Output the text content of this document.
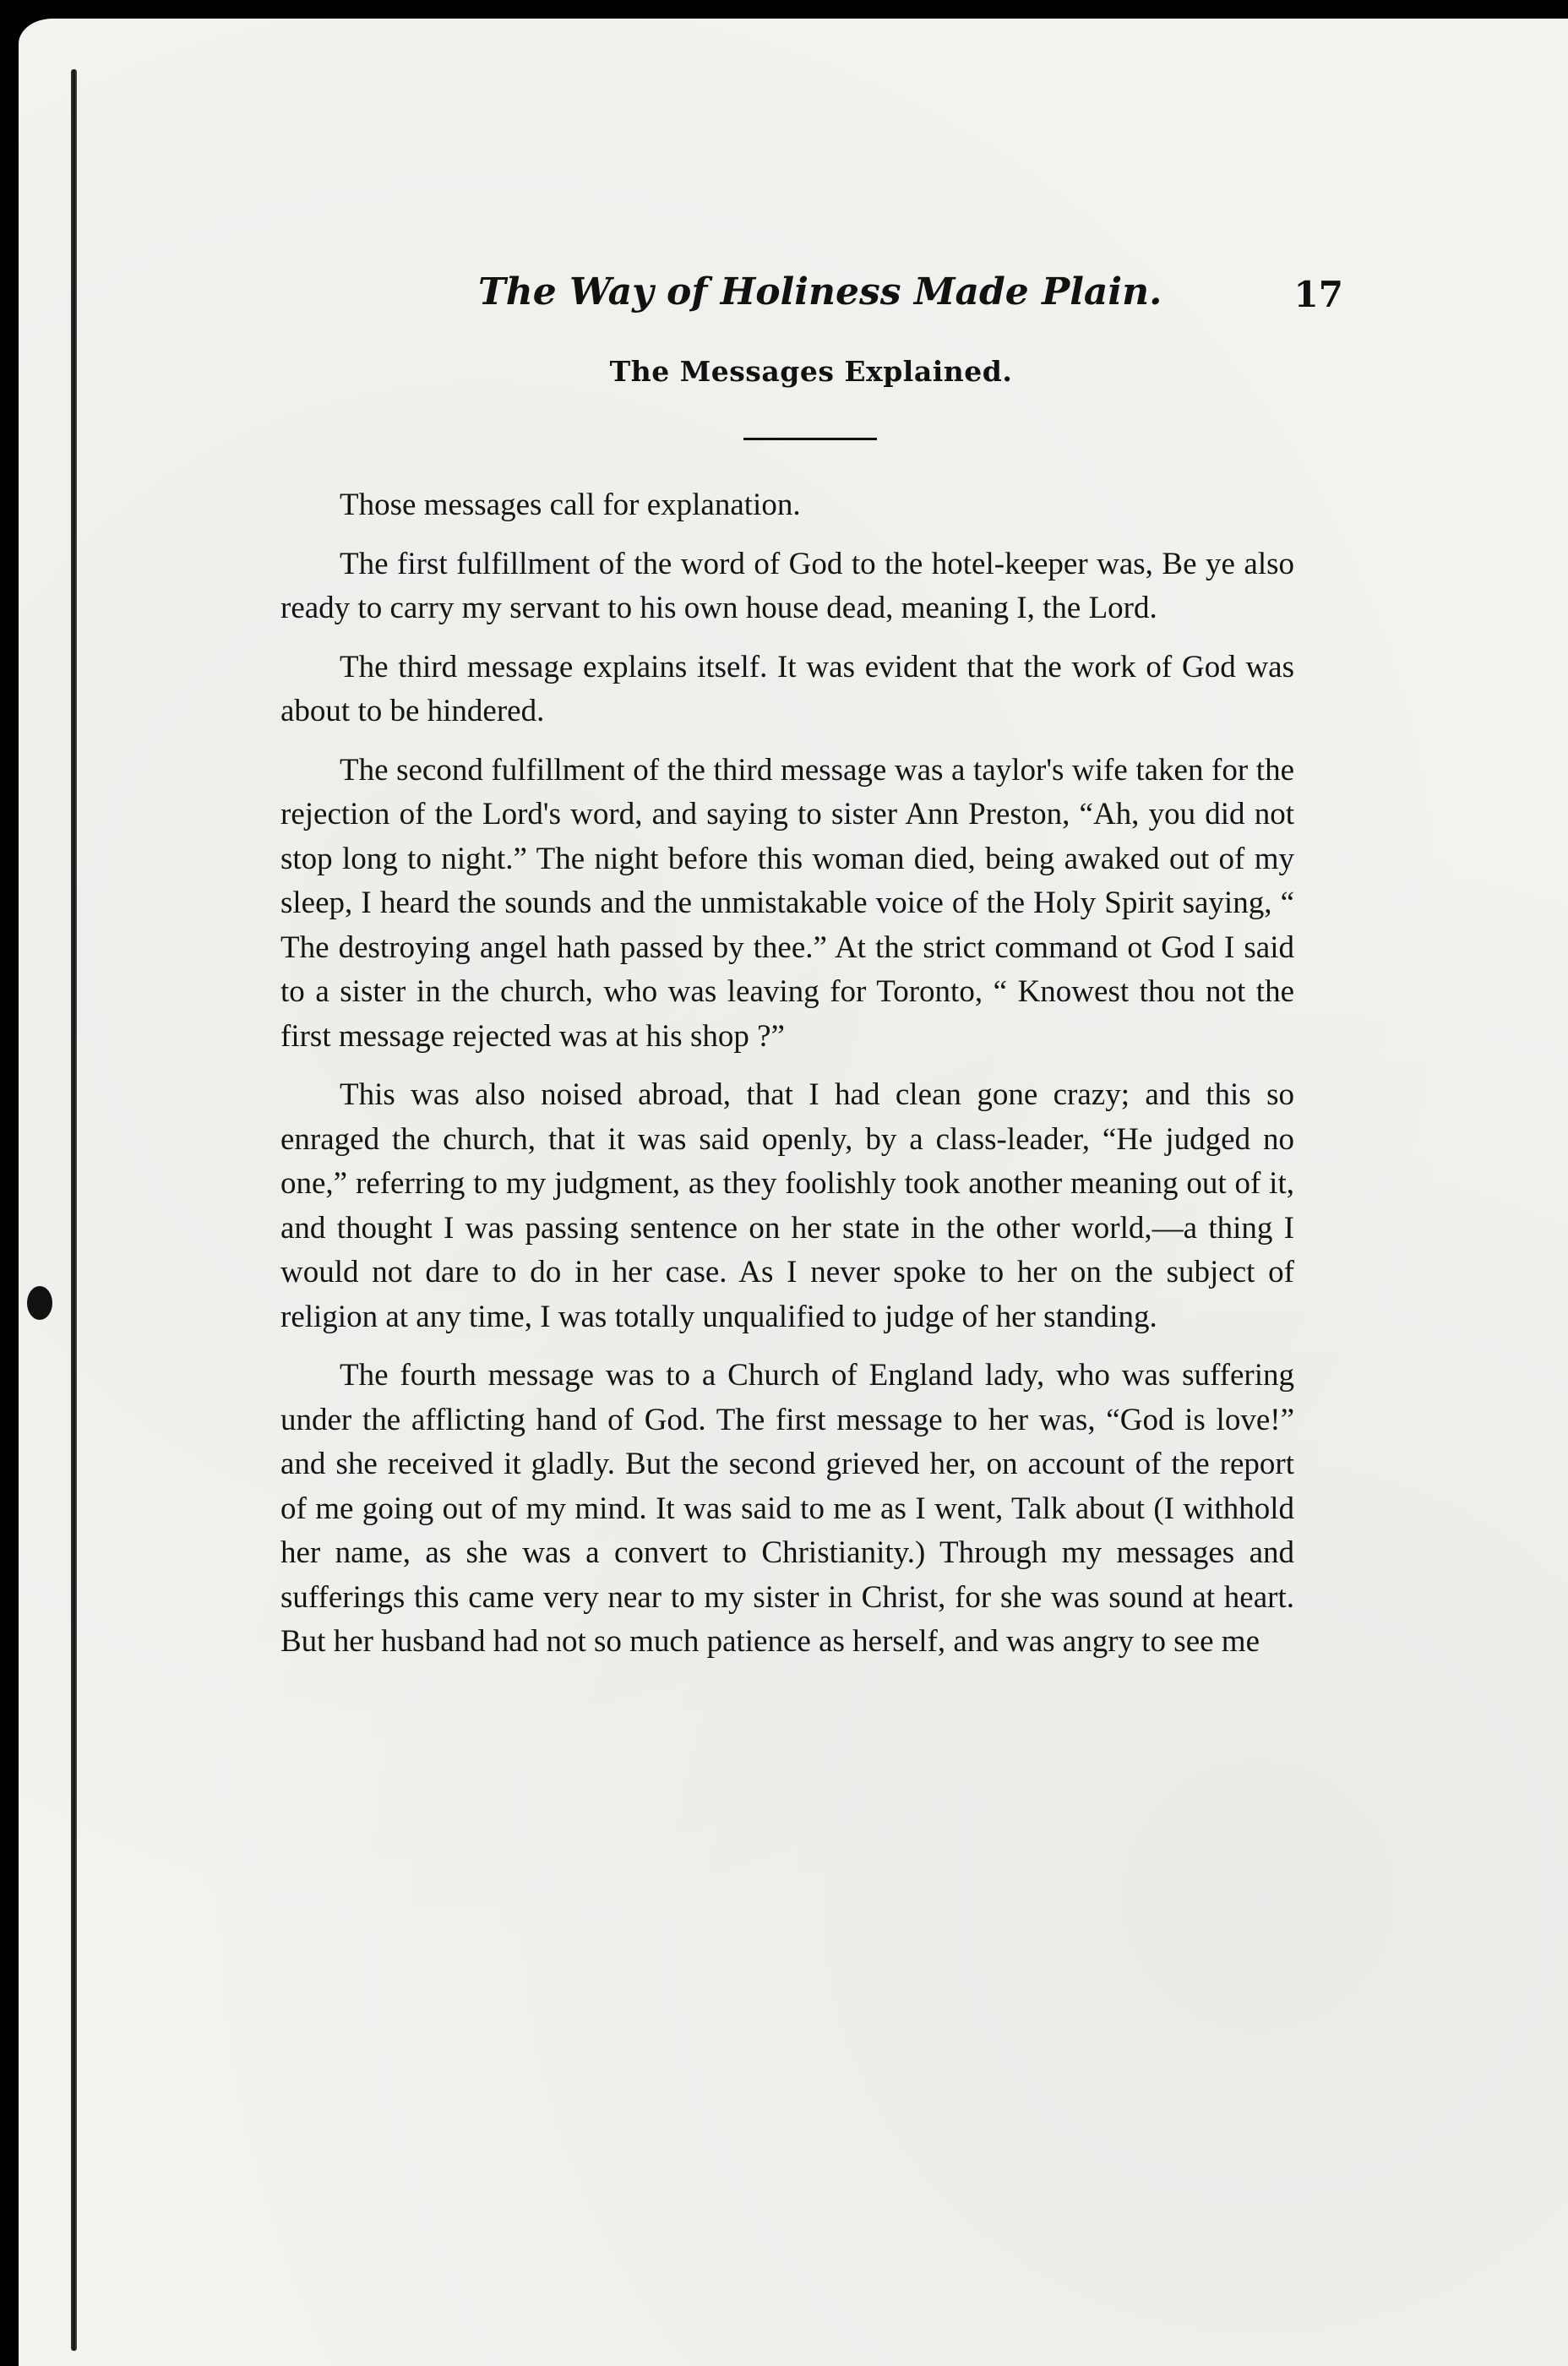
The Way of Holiness Made Plain.	17
The Messages Explained.

Those messages call for explanation.

The first fulfillment of the word of God to the hotel-keeper was, Be ye also ready to carry my servant to his own house dead, meaning I, the Lord.

The third message explains itself. It was evident that the work of God was about to be hindered.

The second fulfillment of the third message was a taylor's wife taken for the rejection of the Lord's word, and saying to sister Ann Preston, “Ah, you did not stop long to night.” The night before this woman died, being awaked out of my sleep, I heard the sounds and the unmistakable voice of the Holy Spirit saying, “ The destroying angel hath passed by thee.” At the strict command ot God I said to a sister in the church, who was leaving for Toronto, “ Knowest thou not the first message rejected was at his shop ?”

This was also noised abroad, that I had clean gone crazy; and this so enraged the church, that it was said openly, by a class-leader, “He judged no one,” referring to my judgment, as they foolishly took another meaning out of it, and thought I was passing sentence on her state in the other world,—a thing I would not dare to do in her case. As I never spoke to her on the subject of religion at any time, I was totally unqualified to judge of her standing.

The fourth message was to a Church of England lady, who was suffering under the afflicting hand of God. The first message to her was, “God is love!” and she received it gladly. But the second grieved her, on account of the report of me going out of my mind. It was said to me as I went, Talk about (I withhold her name, as she was a convert to Christianity.) Through my messages and sufferings this came very near to my sister in Christ, for she was sound at heart. But her husband had not so much patience as herself, and was angry to see me
